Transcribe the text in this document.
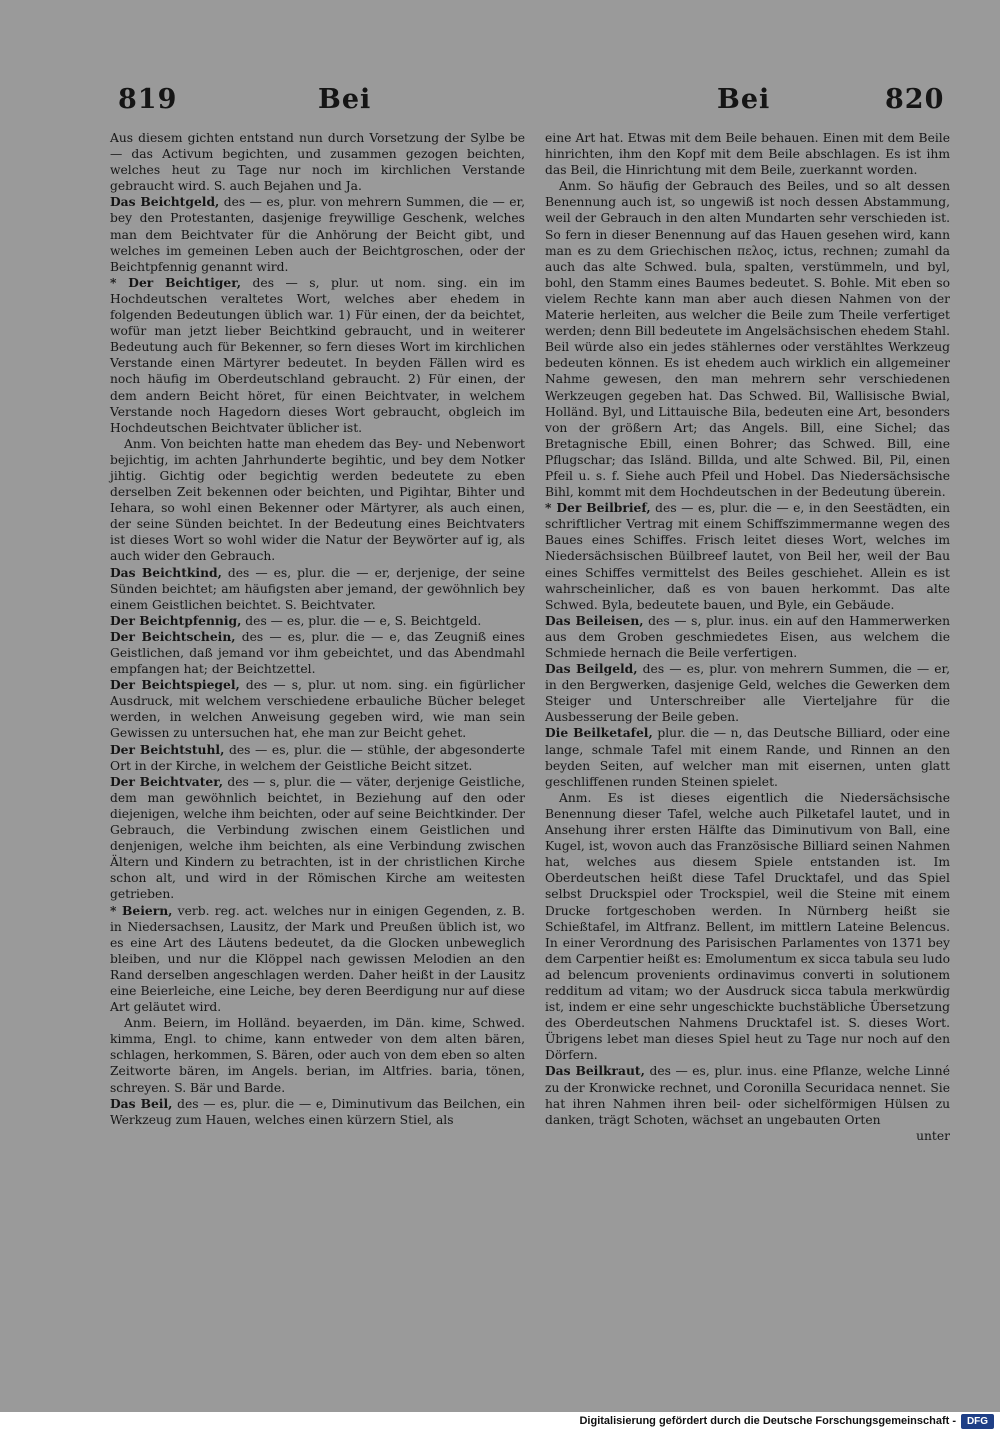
819	Bei	Bei	820

Aus diesem gichten entstand nun durch Vorsetzung der Sylbe be— das Activum begichten, und zusammen gezogen beichten, welches heut zu Tage nur noch im kirchlichen Verstande gebraucht wird. S. auch Bejahen und Ja.

Das Beichtgeld, des — es, plur. von mehrern Summen, die — er, bey den Protestanten, dasjenige freywillige Geschenk, welches man dem Beichtvater für die Anhörung der Beicht gibt, und welches im gemeinen Leben auch der Beichtgroschen, oder der Beichtpfennig genannt wird.

* Der Beichtiger, des — s, plur. ut nom. sing. ein im Hochdeutschen veraltetes Wort, welches aber ehedem in folgenden Bedeutungen üblich war. 1) Für einen, der da beichtet, wofür man jetzt lieber Beichtkind gebraucht, und in weiterer Bedeutung auch für Bekenner, so fern dieses Wort im kirchlichen Verstande einen Märtyrer bedeutet. In beyden Fällen wird es noch häufig im Oberdeutschland gebraucht. 2) Für einen, der dem andern Beicht höret, für einen Beichtvater, in welchem Verstande noch Hagedorn dieses Wort gebraucht, obgleich im Hochdeutschen Beichtvater üblicher ist.

Anm. Von beichten hatte man ehedem das Bey- und Nebenwort bejichtig, im achten Jahrhunderte begihtic, und bey dem Notker jihtig. Gichtig oder begichtig werden bedeutete zu eben derselben Zeit bekennen oder beichten, und Pigihtar, Bihter und Iehara, so wohl einen Bekenner oder Märtyrer, als auch einen, der seine Sünden beichtet. In der Bedeutung eines Beichtvaters ist dieses Wort so wohl wider die Natur der Beywörter auf ig, als auch wider den Gebrauch.

Das Beichtkind, des — es, plur. die — er, derjenige, der seine Sünden beichtet; am häufigsten aber jemand, der gewöhnlich bey einem Geistlichen beichtet. S. Beichtvater.

Der Beichtpfennig, des — es, plur. die — e, S. Beichtgeld.

Der Beichtschein, des — es, plur. die — e, das Zeugniß eines Geistlichen, daß jemand vor ihm gebeichtet, und das Abendmahl empfangen hat; der Beichtzettel.

Der Beichtspiegel, des — s, plur. ut nom. sing. ein figürlicher Ausdruck, mit welchem verschiedene erbauliche Bücher beleget werden, in welchen Anweisung gegeben wird, wie man sein Gewissen zu untersuchen hat, ehe man zur Beicht gehet.

Der Beichtstuhl, des — es, plur. die — stühle, der abgesonderte Ort in der Kirche, in welchem der Geistliche Beicht sitzet.

Der Beichtvater, des — s, plur. die — väter, derjenige Geistliche, dem man gewöhnlich beichtet, in Beziehung auf den oder diejenigen, welche ihm beichten, oder auf seine Beichtkinder. Der Gebrauch, die Verbindung zwischen einem Geistlichen und denjenigen, welche ihm beichten, als eine Verbindung zwischen Ältern und Kindern zu betrachten, ist in der christlichen Kirche schon alt, und wird in der Römischen Kirche am weitesten getrieben.

* Beiern, verb. reg. act. welches nur in einigen Gegenden, z. B. in Niedersachsen, Lausitz, der Mark und Preußen üblich ist, wo es eine Art des Läutens bedeutet, da die Glocken unbeweglich bleiben, und nur die Klöppel nach gewissen Melodien an den Rand derselben angeschlagen werden. Daher heißt in der Lausitz eine Beierleiche, eine Leiche, bey deren Beerdigung nur auf diese Art geläutet wird.

Anm. Beiern, im Holländ. beyaerden, im Dän. kime, Schwed. kimma, Engl. to chime, kann entweder von dem alten bären, schlagen, herkommen, S. Bären, oder auch von dem eben so alten Zeitworte bären, im Angels. berian, im Altfries. baria, tönen, schreyen. S. Bär und Barde.

Das Beil, des — es, plur. die — e, Diminutivum das Beilchen, ein Werkzeug zum Hauen, welches einen kürzern Stiel, als

eine Art hat. Etwas mit dem Beile behauen. Einen mit dem Beile hinrichten, ihm den Kopf mit dem Beile abschlagen. Es ist ihm das Beil, die Hinrichtung mit dem Beile, zuerkannt worden.

Anm. So häufig der Gebrauch des Beiles, und so alt dessen Benennung auch ist, so ungewiß ist noch dessen Abstammung, weil der Gebrauch in den alten Mundarten sehr verschieden ist. So fern in dieser Benennung auf das Hauen gesehen wird, kann man es zu dem Griechischen πελος, ictus, rechnen; zumahl da auch das alte Schwed. bula, spalten, verstümmeln, und byl, bohl, den Stamm eines Baumes bedeutet. S. Bohle. Mit eben so vielem Rechte kann man aber auch diesen Nahmen von der Materie herleiten, aus welcher die Beile zum Theile verfertiget werden; denn Bill bedeutete im Angelsächsischen ehedem Stahl. Beil würde also ein jedes stählernes oder verstähltes Werkzeug bedeuten können. Es ist ehedem auch wirklich ein allgemeiner Nahme gewesen, den man mehrern sehr verschiedenen Werkzeugen gegeben hat. Das Schwed. Bil, Wallisische Bwial, Holländ. Byl, und Littauische Bila, bedeuten eine Art, besonders von der größern Art; das Angels. Bill, eine Sichel; das Bretagnische Ebill, einen Bohrer; das Schwed. Bill, eine Pflugschar; das Isländ. Billda, und alte Schwed. Bil, Pil, einen Pfeil u. s. f. Siehe auch Pfeil und Hobel. Das Niedersächsische Bihl, kommt mit dem Hochdeutschen in der Bedeutung überein.

* Der Beilbrief, des — es, plur. die — e, in den Seestädten, ein schriftlicher Vertrag mit einem Schiffszimmermanne wegen des Baues eines Schiffes. Frisch leitet dieses Wort, welches im Niedersächsischen Büilbreef lautet, von Beil her, weil der Bau eines Schiffes vermittelst des Beiles geschiehet. Allein es ist wahrscheinlicher, daß es von bauen herkommt. Das alte Schwed. Byla, bedeutete bauen, und Byle, ein Gebäude.

Das Beileisen, des — s, plur. inus. ein auf den Hammerwerken aus dem Groben geschmiedetes Eisen, aus welchem die Schmiede hernach die Beile verfertigen.

Das Beilgeld, des — es, plur. von mehrern Summen, die — er, in den Bergwerken, dasjenige Geld, welches die Gewerken dem Steiger und Unterschreiber alle Vierteljahre für die Ausbesserung der Beile geben.

Die Beilketafel, plur. die — n, das Deutsche Billiard, oder eine lange, schmale Tafel mit einem Rande, und Rinnen an den beyden Seiten, auf welcher man mit eisernen, unten glatt geschliffenen runden Steinen spielet.

Anm. Es ist dieses eigentlich die Niedersächsische Benennung dieser Tafel, welche auch Pilketafel lautet, und in Ansehung ihrer ersten Hälfte das Diminutivum von Ball, eine Kugel, ist, wovon auch das Französische Billiard seinen Nahmen hat, welches aus diesem Spiele entstanden ist. Im Oberdeutschen heißt diese Tafel Drucktafel, und das Spiel selbst Druckspiel oder Trockspiel, weil die Steine mit einem Drucke fortgeschoben werden. In Nürnberg heißt sie Schießtafel, im Altfranz. Bellent, im mittlern Lateine Belencus. In einer Verordnung des Parisischen Parlamentes von 1371 bey dem Carpentier heißt es: Emolumentum ex sicca tabula seu ludo ad belencum provenients ordinavimus converti in solutionem redditum ad vitam; wo der Ausdruck sicca tabula merkwürdig ist, indem er eine sehr ungeschickte buchstäbliche Übersetzung des Oberdeutschen Nahmens Drucktafel ist. S. dieses Wort. Übrigens lebet man dieses Spiel heut zu Tage nur noch auf den Dörfern.

Das Beilkraut, des — es, plur. inus. eine Pflanze, welche Linné zu der Kronwicke rechnet, und Coronilla Securidaca nennet. Sie hat ihren Nahmen ihren beil- oder sichelförmigen Hülsen zu danken, trägt Schoten, wächset an ungebauten Orten

unter

Digitalisierung gefördert durch die Deutsche Forschungsgemeinschaft -	DFG
